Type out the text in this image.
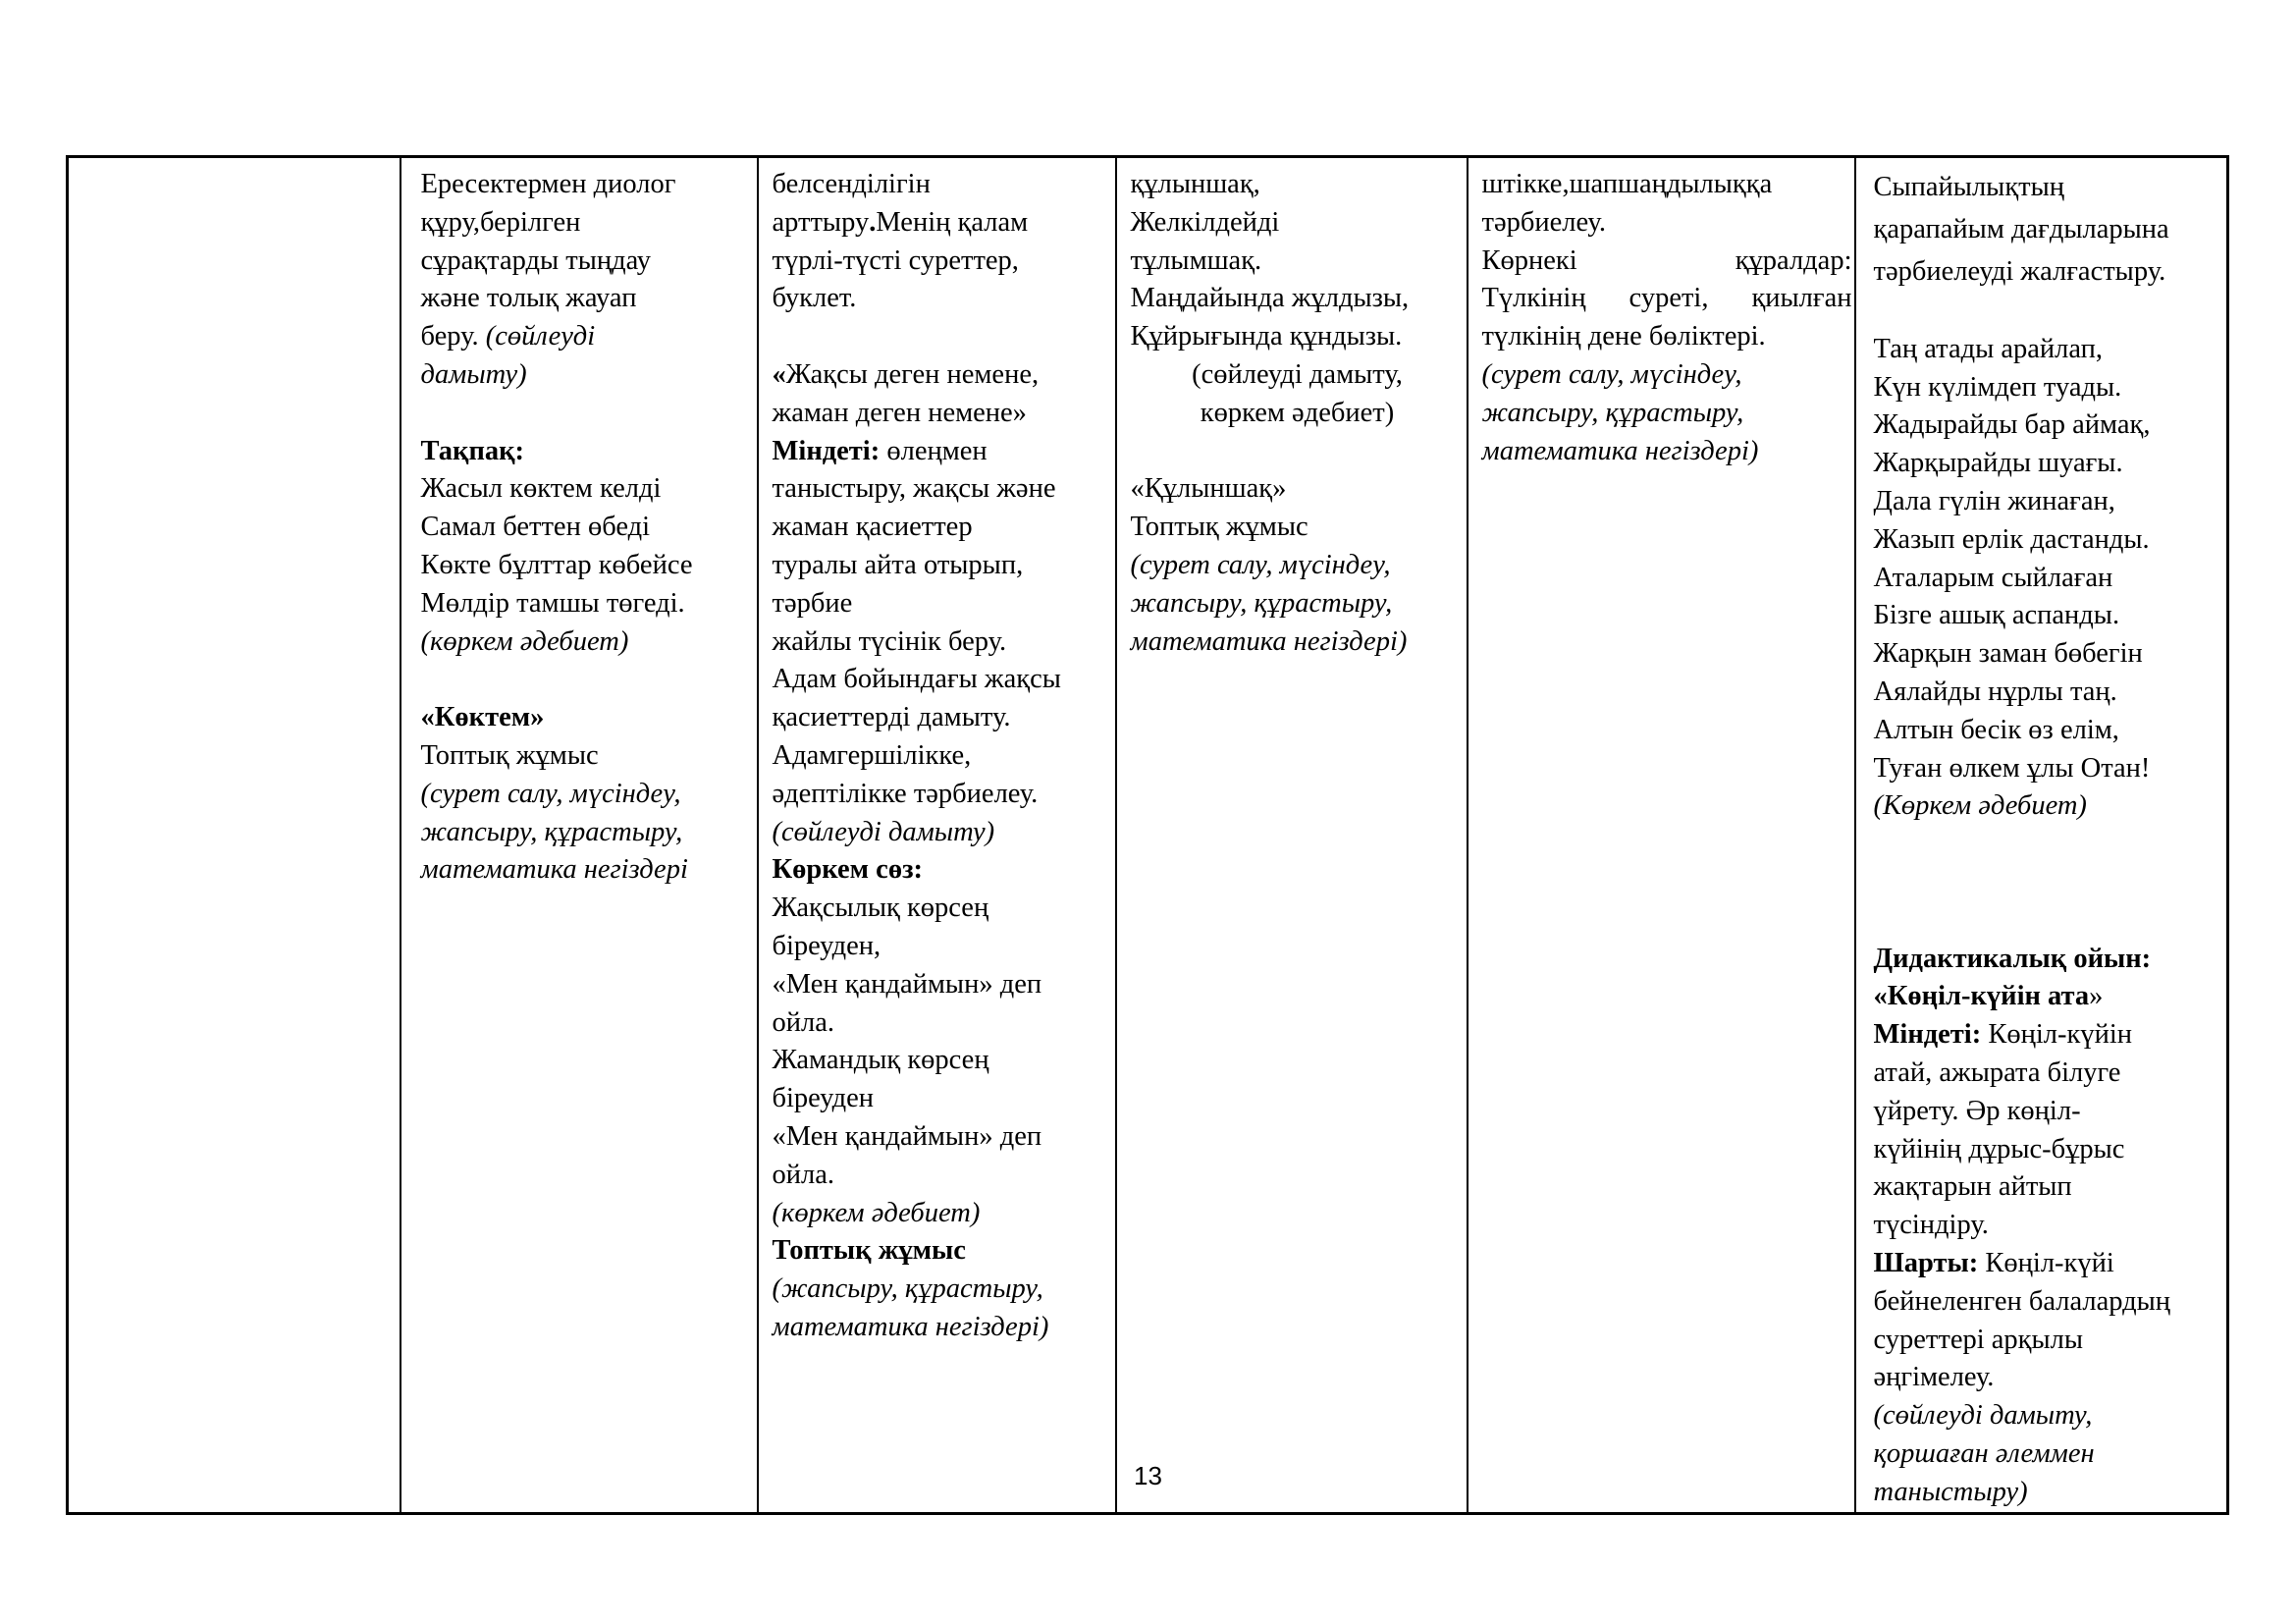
Ересектермен диолог
құру,берілген
сұрақтарды тыңдау
және толық жауап
беру. (сөйлеуді
дамыту)
Тақпақ:
Жасыл көктем келді
Самал беттен өбеді
Көкте бұлттар көбейсе
Мөлдір тамшы төгеді.
(көркем әдебиет)
«Көктем»
Топтық жұмыс
(сурет салу, мүсіндеу,
жапсыру, құрастыру,
математика негіздері

белсенділігін
арттыру.Менің қалам
түрлі-түсті суреттер,
буклет.
«Жақсы деген немене,
жаман деген немене»
Міндеті: өлеңмен
таныстыру, жақсы және
жаман қасиеттер
туралы айта отырып,
тәрбие
жайлы түсінік беру.
Адам бойындағы жақсы
қасиеттерді дамыту.
Адамгершілікке,
әдептілікке тәрбиелеу.
(сөйлеуді дамыту)
Көркем сөз:
Жақсылық көрсең
біреуден,
«Мен қандаймын» деп
ойла.
Жамандық көрсең
біреуден
«Мен қандаймын» деп
ойла.
(көркем әдебиет)
Топтық жұмыс
(жапсыру, құрастыру,
математика негіздері)

құлыншақ,
Желкілдейді
тұлымшақ.
Маңдайында жұлдызы,
Құйрығында құндызы.
(сөйлеуді дамыту,
көркем әдебиет)
«Құлыншақ»
Топтық жұмыс
(сурет салу, мүсіндеу,
жапсыру, құрастыру,
математика негіздері)

штікке,шапшаңдылыққа
тәрбиелеу.
Көрнекі	құралдар:
Түлкінің суреті, қиылған
түлкінің дене бөліктері.
(сурет салу, мүсіндеу,
жапсыру, құрастыру,
математика негіздері)

Сыпайылықтың
қарапайым дағдыларына
тәрбиелеуді жалғастыру.
Таң атады арайлап,
Күн күлімдеп туады.
Жадырайды бар аймақ,
Жарқырайды шуағы.
Дала гүлін жинаған,
Жазып ерлік дастанды.
Аталарым сыйлаған
Бізге ашық аспанды.
Жарқын заман бөбегін
Аялайды нұрлы таң.
Алтын бесік өз елім,
Туған өлкем ұлы Отан!
(Көркем әдебиет)
Дидактикалық ойын:
«Көңіл-күйін ата»
Міндеті: Көңіл-күйін
атай, ажырата білуге
үйрету. Әр көңіл-
күйінің дұрыс-бұрыс
жақтарын айтып
түсіндіру.
Шарты: Көңіл-күйі
бейнеленген балалардың
суреттері арқылы
әңгімелеу.
(сөйлеуді дамыту,
қоршаған әлеммен
таныстыру)
13
